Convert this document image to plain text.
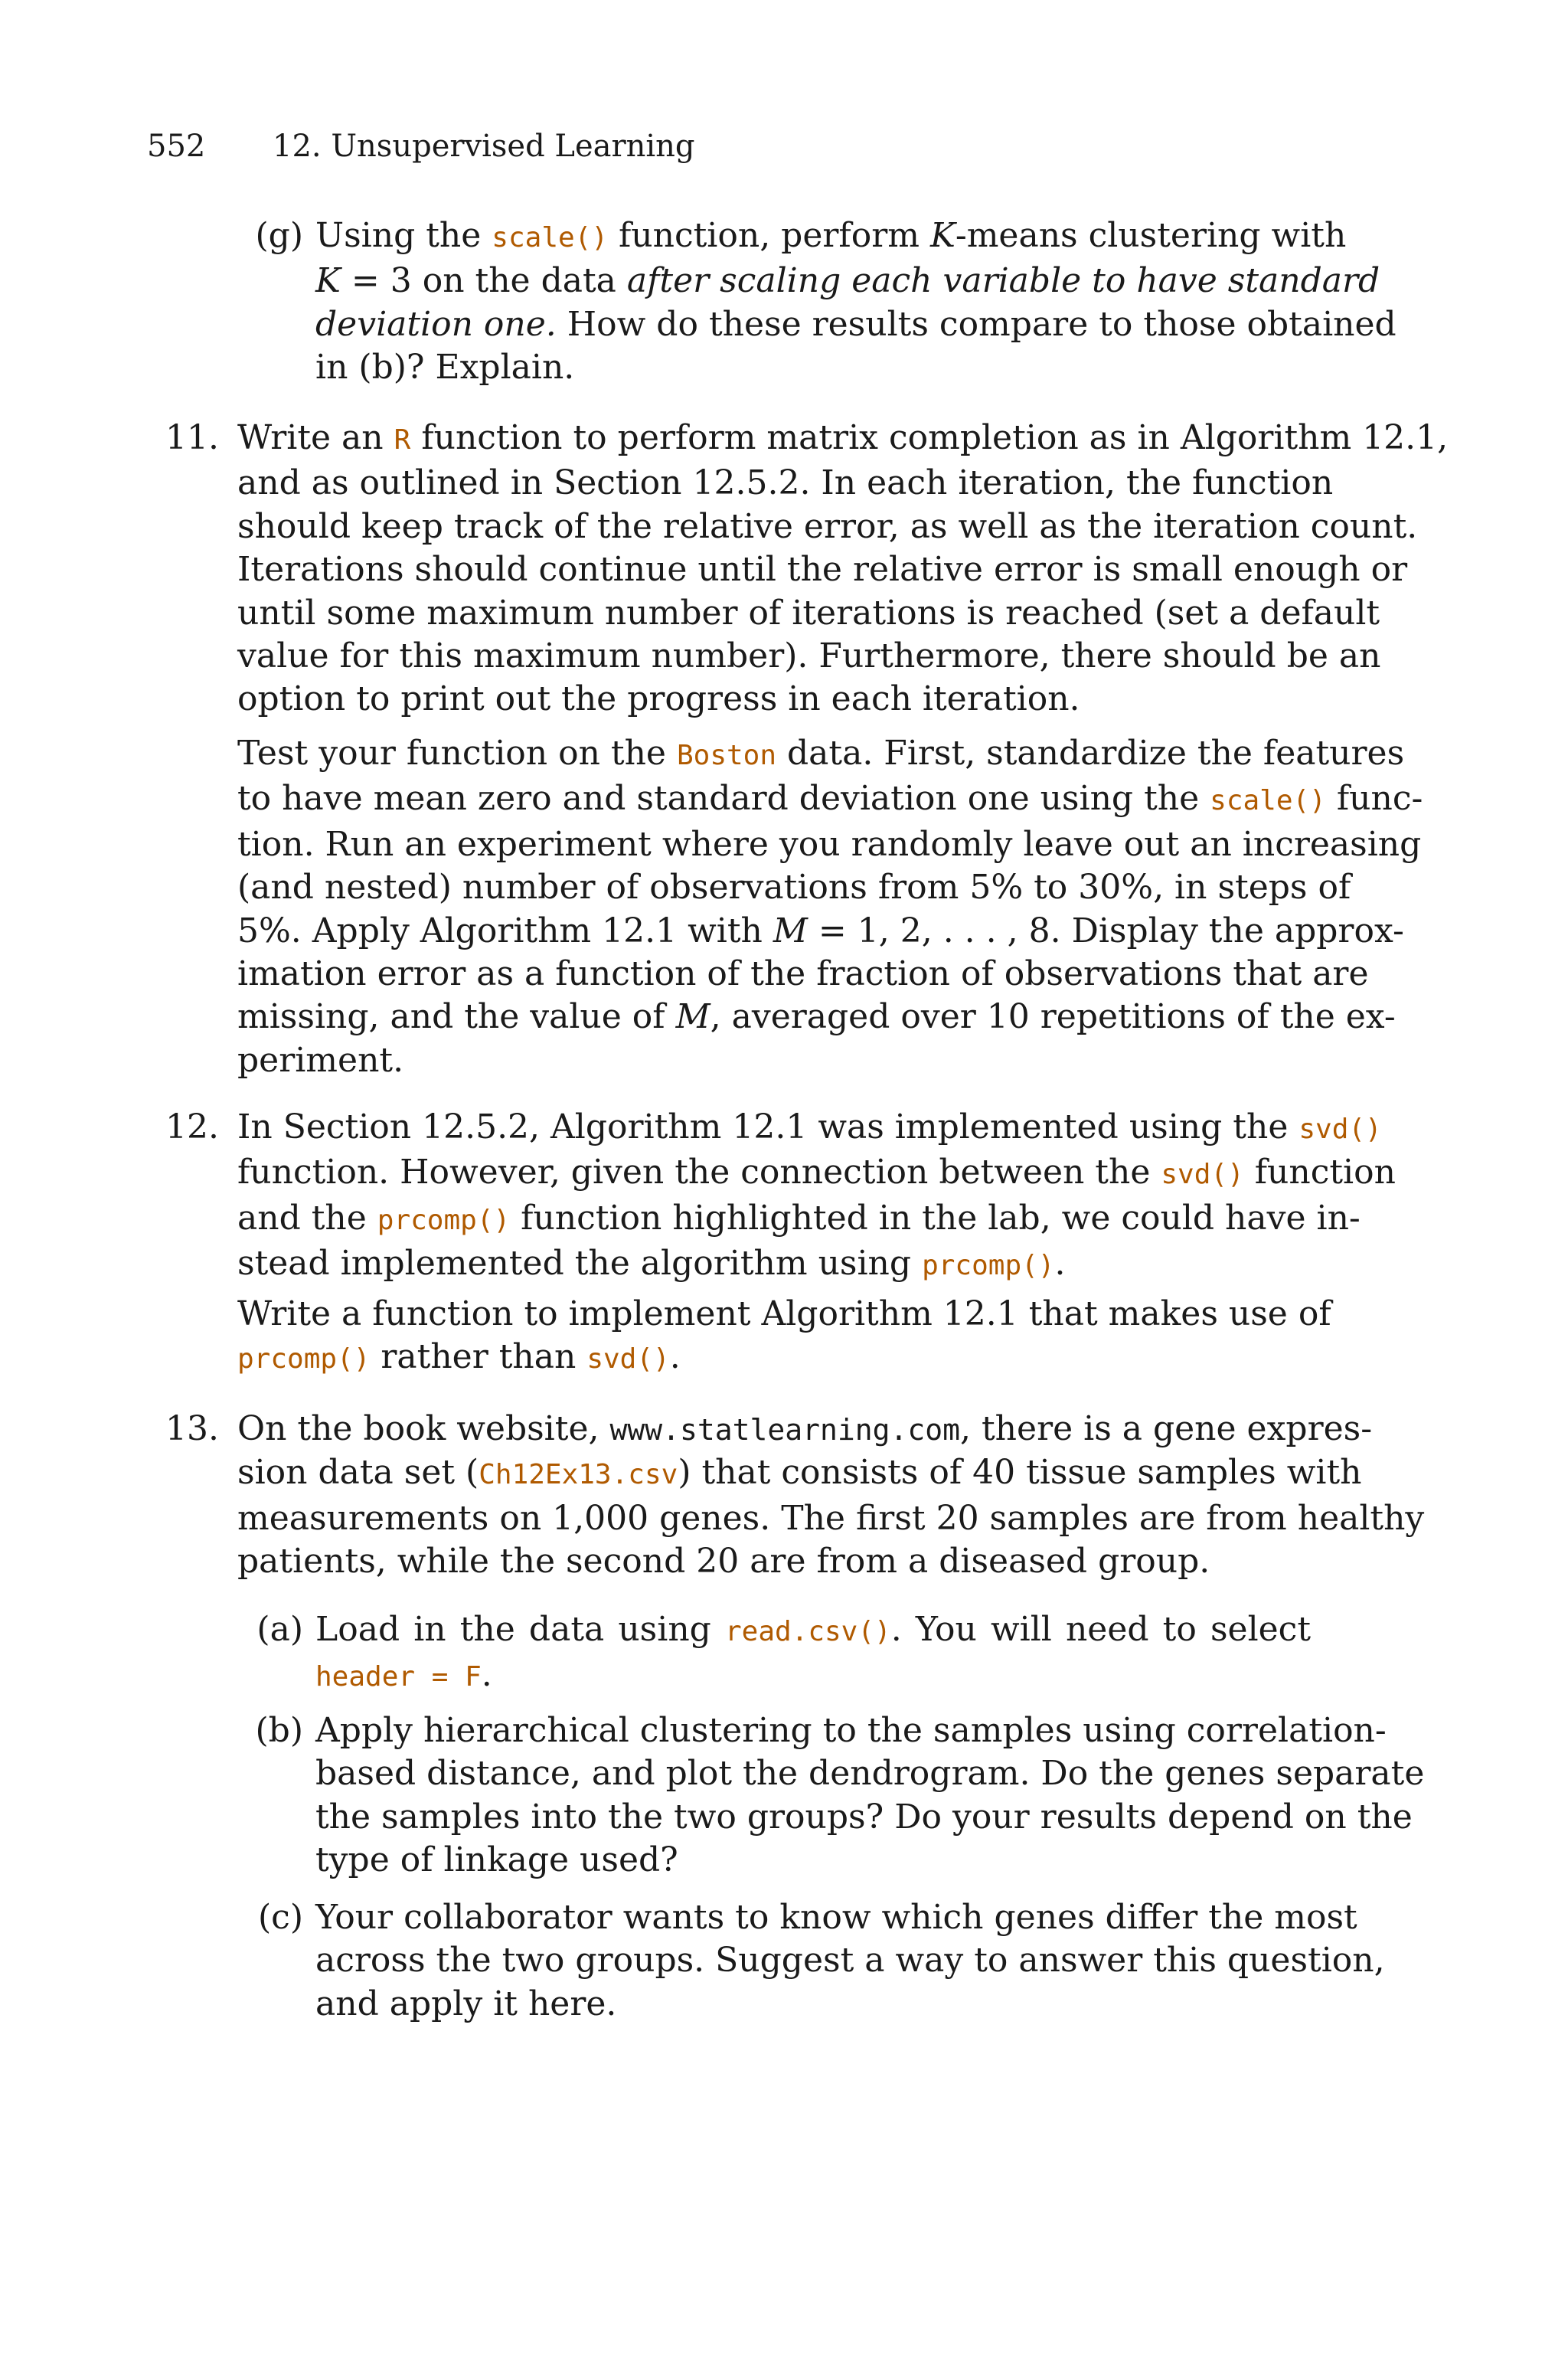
552 12. Unsupervised Learning
(g) Using the scale() function, perform K-means clustering with
K = 3 on the data after scaling each variable to have standard
deviation one. How do these results compare to those obtained
in (b)? Explain.
11. Write an R function to perform matrix completion as in Algorithm 12.1,
and as outlined in Section 12.5.2. In each iteration, the function
should keep track of the relative error, as well as the iteration count.
Iterations should continue until the relative error is small enough or
until some maximum number of iterations is reached (set a default
value for this maximum number). Furthermore, there should be an
option to print out the progress in each iteration.
Test your function on the Boston data. First, standardize the features
to have mean zero and standard deviation one using the scale() func-
tion. Run an experiment where you randomly leave out an increasing
(and nested) number of observations from 5% to 30%, in steps of
5%. Apply Algorithm 12.1 with M = 1, 2, . . . , 8. Display the approx-
imation error as a function of the fraction of observations that are
missing, and the value of M, averaged over 10 repetitions of the ex-
periment.
12. In Section 12.5.2, Algorithm 12.1 was implemented using the svd()
function. However, given the connection between the svd() function
and the prcomp() function highlighted in the lab, we could have in-
stead implemented the algorithm using prcomp().
Write a function to implement Algorithm 12.1 that makes use of
prcomp() rather than svd().
13. On the book website, www.statlearning.com, there is a gene expres-
sion data set (Ch12Ex13.csv) that consists of 40 tissue samples with
measurements on 1,000 genes. The first 20 samples are from healthy
patients, while the second 20 are from a diseased group.
(a) Load in the data using read.csv(). You will need to select
header = F.
(b) Apply hierarchical clustering to the samples using correlation-
based distance, and plot the dendrogram. Do the genes separate
the samples into the two groups? Do your results depend on the
type of linkage used?
(c) Your collaborator wants to know which genes differ the most
across the two groups. Suggest a way to answer this question,
and apply it here.
